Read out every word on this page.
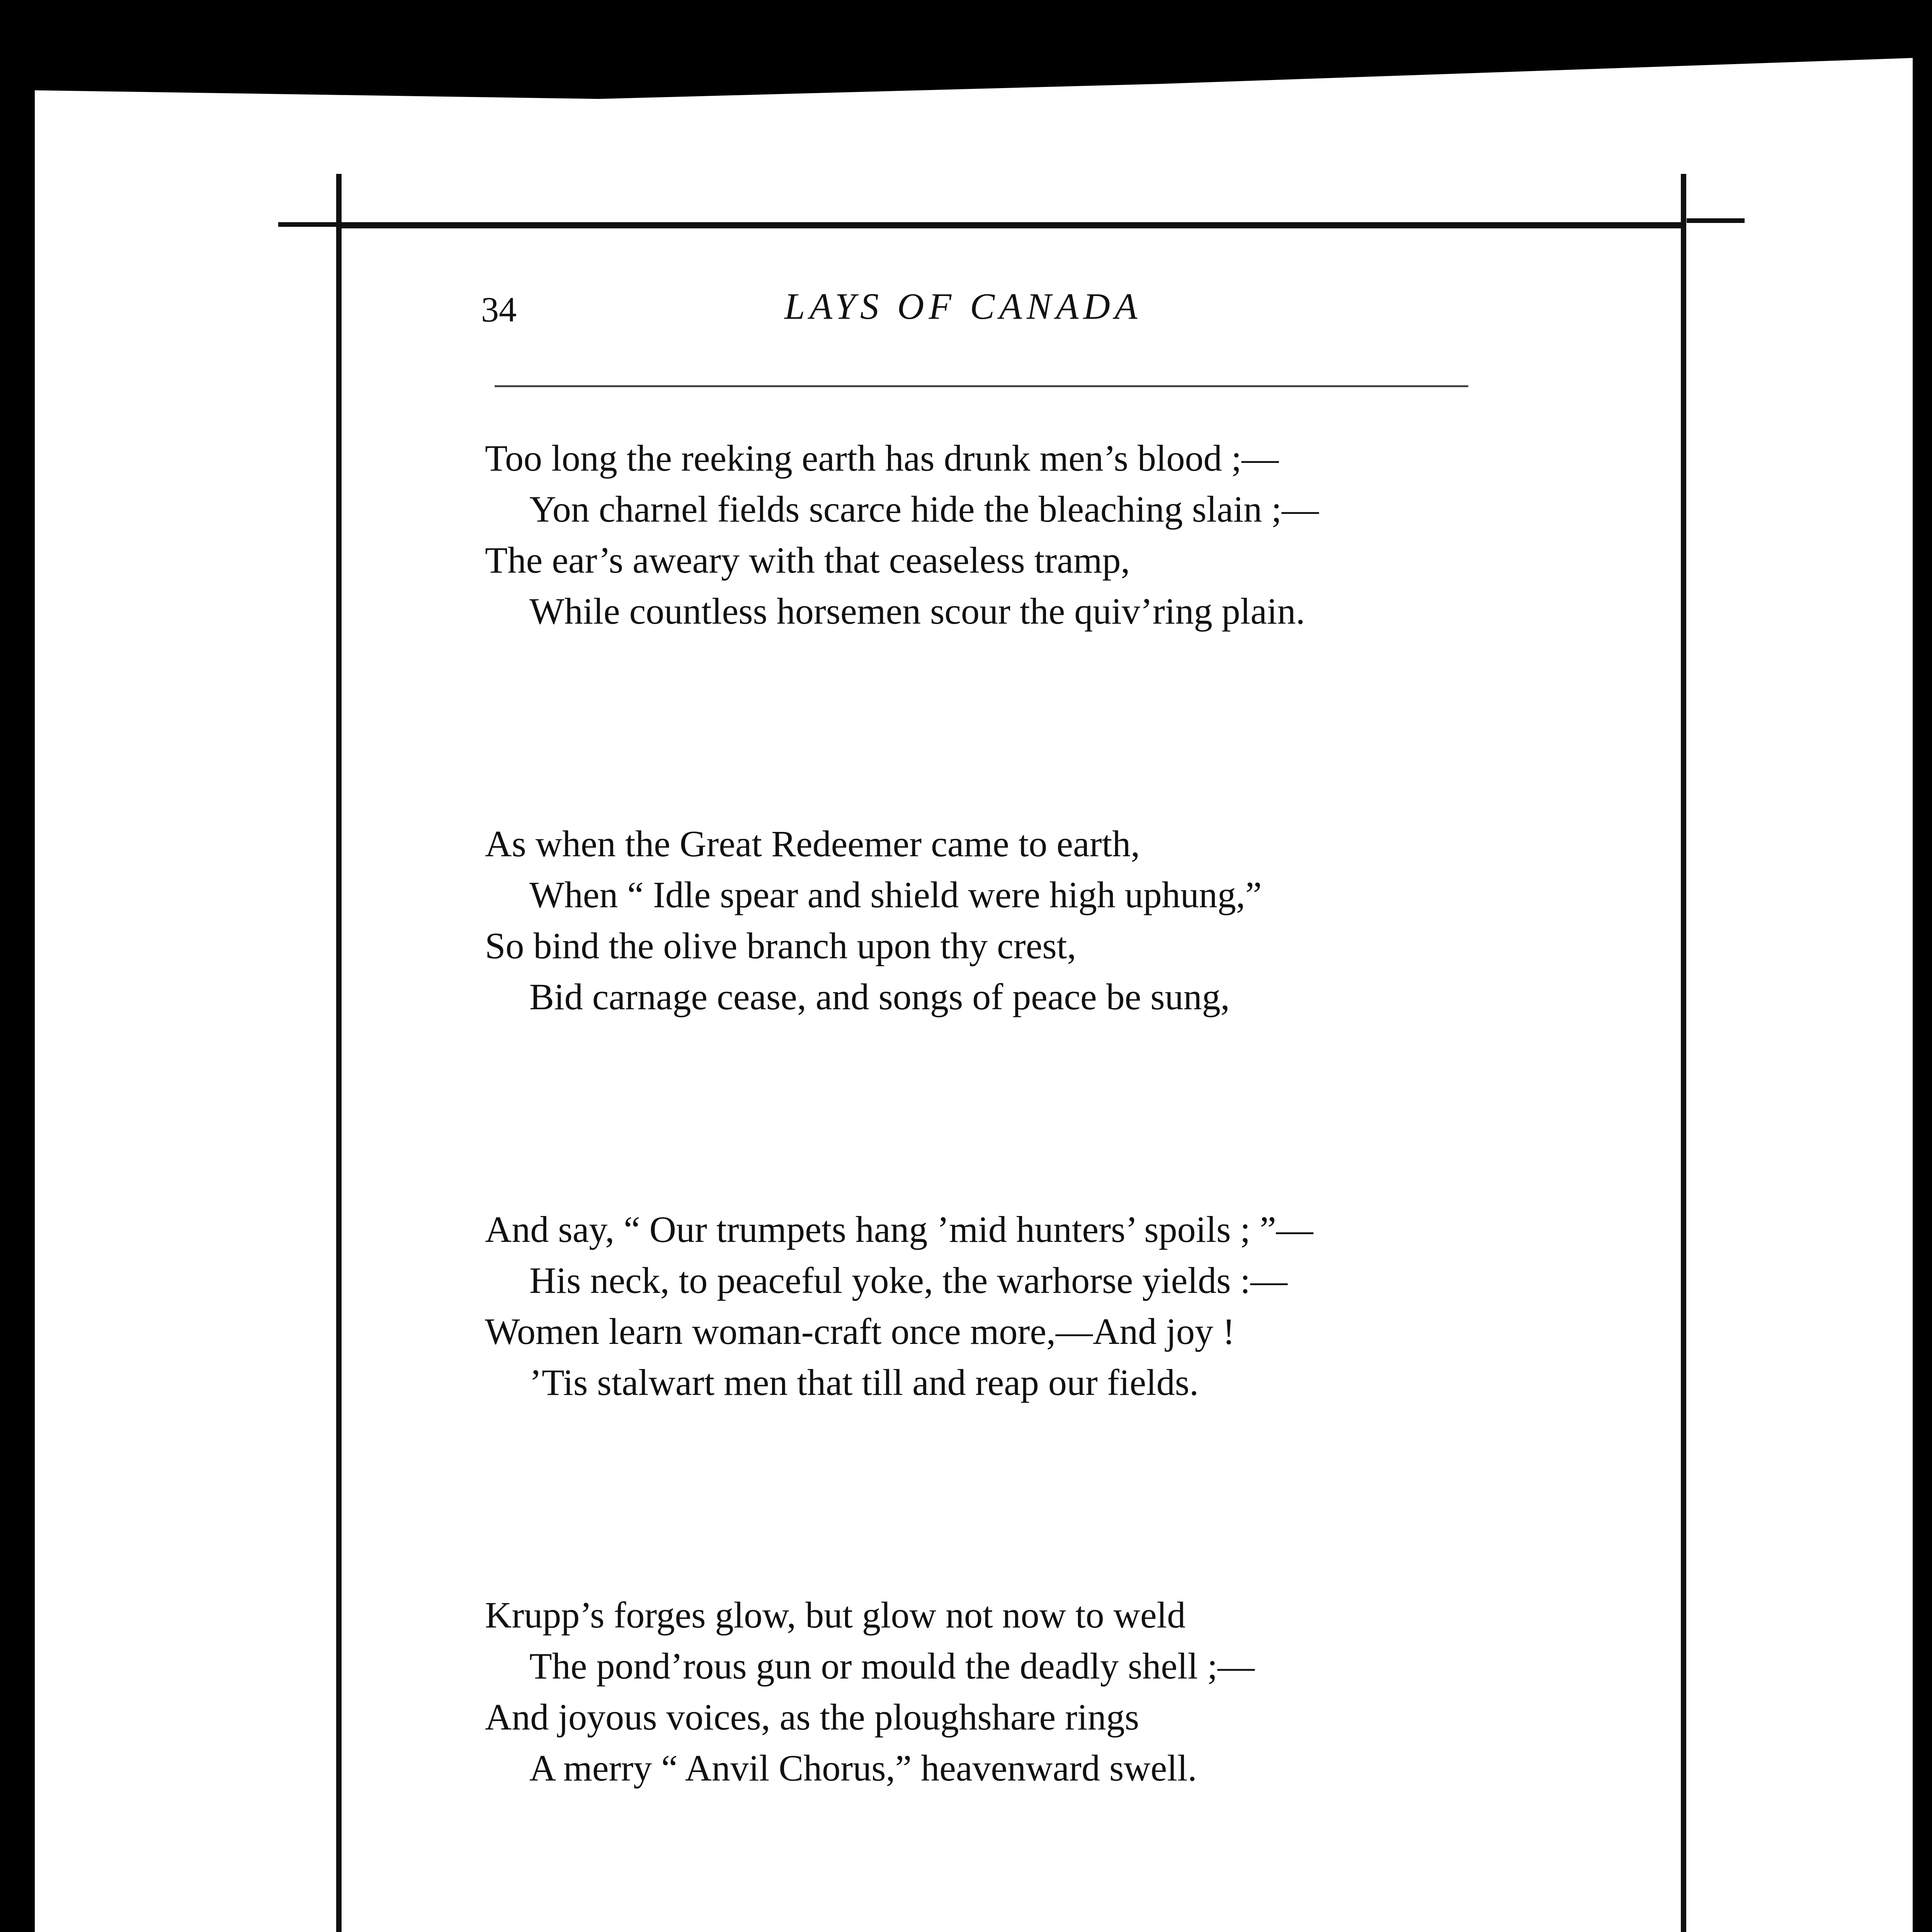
34	LAYS OF CANADA
Too long the reeking earth has drunk men’s blood ;—
Yon charnel fields scarce hide the bleaching slain ;—
The ear’s aweary with that ceaseless tramp,
While countless horsemen scour the quiv’ring plain.
As when the Great Redeemer came to earth,
When “ Idle spear and shield were high uphung,”
So bind the olive branch upon thy crest,
Bid carnage cease, and songs of peace be sung,
And say, “ Our trumpets hang ’mid hunters’ spoils ; ”—
His neck, to peaceful yoke, the warhorse yields :—
Women learn woman-craft once more,—And joy !
’Tis stalwart men that till and reap our fields.
Krupp’s forges glow, but glow not now to weld
The pond’rous gun or mould the deadly shell ;—
And joyous voices, as the ploughshare rings
A merry “ Anvil Chorus,” heavenward swell.
